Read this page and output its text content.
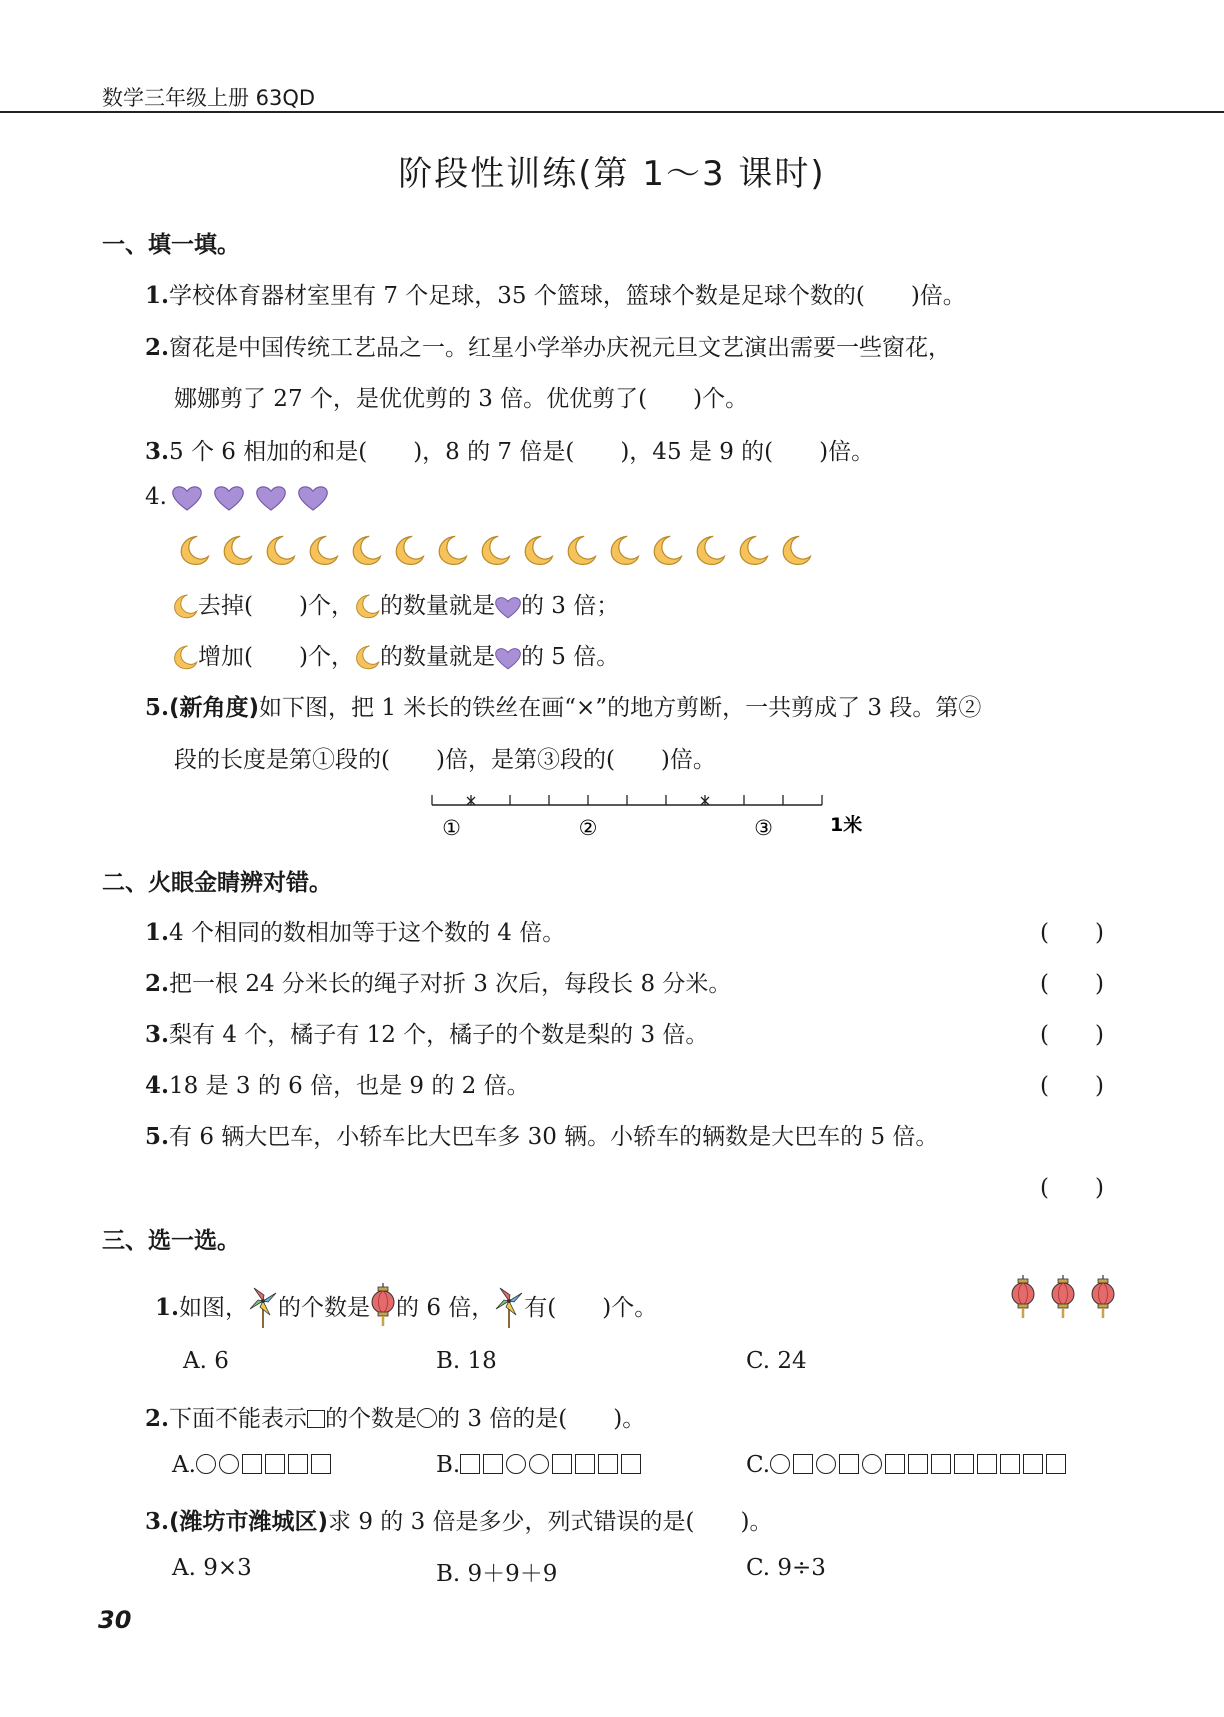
数学三年级上册 63QD
阶段性训练(第 1～3 课时)
一、填一填。
1.学校体育器材室里有 7 个足球，35 个篮球，篮球个数是足球个数的(　　)倍。
2.窗花是中国传统工艺品之一。红星小学举办庆祝元旦文艺演出需要一些窗花，
娜娜剪了 27 个，是优优剪的 3 倍。优优剪了(　　)个。
3.5 个 6 相加的和是(　　)，8 的 7 倍是(　　)，45 是 9 的(　　)倍。
4.
去掉(　　)个， 的数量就是 的 3 倍；
增加(　　)个， 的数量就是 的 5 倍。
5.(新角度)如下图，把 1 米长的铁丝在画“×”的地方剪断，一共剪成了 3 段。第②
段的长度是第①段的(　　)倍，是第③段的(　　)倍。
①	②	③	1米
二、火眼金睛辨对错。
1.4 个相同的数相加等于这个数的 4 倍。	(　　)
2.把一根 24 分米长的绳子对折 3 次后，每段长 8 分米。	(　　)
3.梨有 4 个，橘子有 12 个，橘子的个数是梨的 3 倍。	(　　)
4.18 是 3 的 6 倍，也是 9 的 2 倍。	(　　)
5.有 6 辆大巴车，小轿车比大巴车多 30 辆。小轿车的辆数是大巴车的 5 倍。
(　　)
三、选一选。
1.如图， 的个数是 的 6 倍， 有(　　)个。
A. 6	B. 18	C. 24
2.下面不能表示 的个数是 的 3 倍的是(　　)。
A.	B.	C.
3.(潍坊市潍城区)求 9 的 3 倍是多少，列式错误的是(　　)。
A. 9×3	B. 9＋9＋9	C. 9÷3
30
